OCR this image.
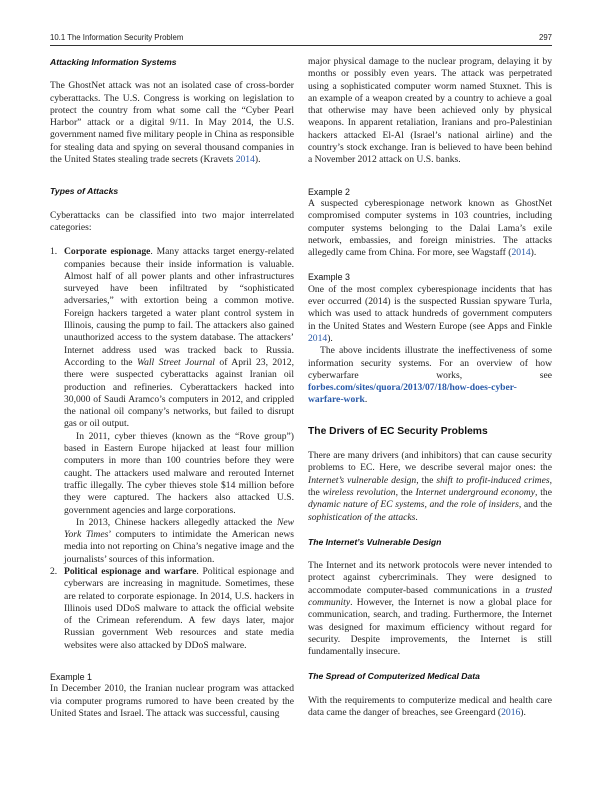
10.1 The Information Security Problem	297
Attacking Information Systems

The GhostNet attack was not an isolated case of cross-border cyberattacks. The U.S. Congress is working on legislation to protect the country from what some call the “Cyber Pearl Harbor” attack or a digital 9/11. In May 2014, the U.S. government named five military people in China as responsible for stealing data and spying on several thousand companies in the United States stealing trade secrets (Kravets 2014).

Types of Attacks

Cyberattacks can be classified into two major interrelated categories:

1. Corporate espionage. Many attacks target energy-related companies because their inside information is valuable. Almost half of all power plants and other infrastructures surveyed have been infiltrated by “sophisticated adversaries,” with extortion being a common motive. Foreign hackers targeted a water plant control system in Illinois, causing the pump to fail. The attackers also gained unauthorized access to the system database. The attackers’ Internet address used was tracked back to Russia. According to the Wall Street Journal of April 23, 2012, there were suspected cyberattacks against Iranian oil production and refineries. Cyberattackers hacked into 30,000 of Saudi Aramco’s computers in 2012, and crippled the national oil company’s networks, but failed to disrupt gas or oil output.

In 2011, cyber thieves (known as the “Rove group”) based in Eastern Europe hijacked at least four million computers in more than 100 countries before they were caught. The attackers used malware and rerouted Internet traffic illegally. The cyber thieves stole $14 million before they were captured. The hackers also attacked U.S. government agencies and large corporations.

In 2013, Chinese hackers allegedly attacked the New York Times’ computers to intimidate the American news media into not reporting on China’s negative image and the journalists’ sources of this information.

2. Political espionage and warfare. Political espionage and cyberwars are increasing in magnitude. Sometimes, these are related to corporate espionage. In 2014, U.S. hackers in Illinois used DDoS malware to attack the official website of the Crimean referendum. A few days later, major Russian government Web resources and state media websites were also attacked by DDoS malware.

Example 1

In December 2010, the Iranian nuclear program was attacked via computer programs rumored to have been created by the United States and Israel. The attack was successful, causing

major physical damage to the nuclear program, delaying it by months or possibly even years. The attack was perpetrated using a sophisticated computer worm named Stuxnet. This is an example of a weapon created by a country to achieve a goal that otherwise may have been achieved only by physical weapons. In apparent retaliation, Iranians and pro-Palestinian hackers attacked El-Al (Israel’s national airline) and the country’s stock exchange. Iran is believed to have been behind a November 2012 attack on U.S. banks.

Example 2

A suspected cyberespionage network known as GhostNet compromised computer systems in 103 countries, including computer systems belonging to the Dalai Lama’s exile network, embassies, and foreign ministries. The attacks allegedly came from China. For more, see Wagstaff (2014).

Example 3

One of the most complex cyberespionage incidents that has ever occurred (2014) is the suspected Russian spyware Turla, which was used to attack hundreds of government computers in the United States and Western Europe (see Apps and Finkle 2014).

The above incidents illustrate the ineffectiveness of some information security systems. For an overview of how cyberwarfare works, see forbes.com/sites/quora/2013/07/18/how-does-cyber-warfare-work.

The Drivers of EC Security Problems

There are many drivers (and inhibitors) that can cause security problems to EC. Here, we describe several major ones: the Internet’s vulnerable design, the shift to profit-induced crimes, the wireless revolution, the Internet underground economy, the dynamic nature of EC systems, and the role of insiders, and the sophistication of the attacks.

The Internet’s Vulnerable Design

The Internet and its network protocols were never intended to protect against cybercriminals. They were designed to accommodate computer-based communications in a trusted community. However, the Internet is now a global place for communication, search, and trading. Furthermore, the Internet was designed for maximum efficiency without regard for security. Despite improvements, the Internet is still fundamentally insecure.

The Spread of Computerized Medical Data

With the requirements to computerize medical and health care data came the danger of breaches, see Greengard (2016).
